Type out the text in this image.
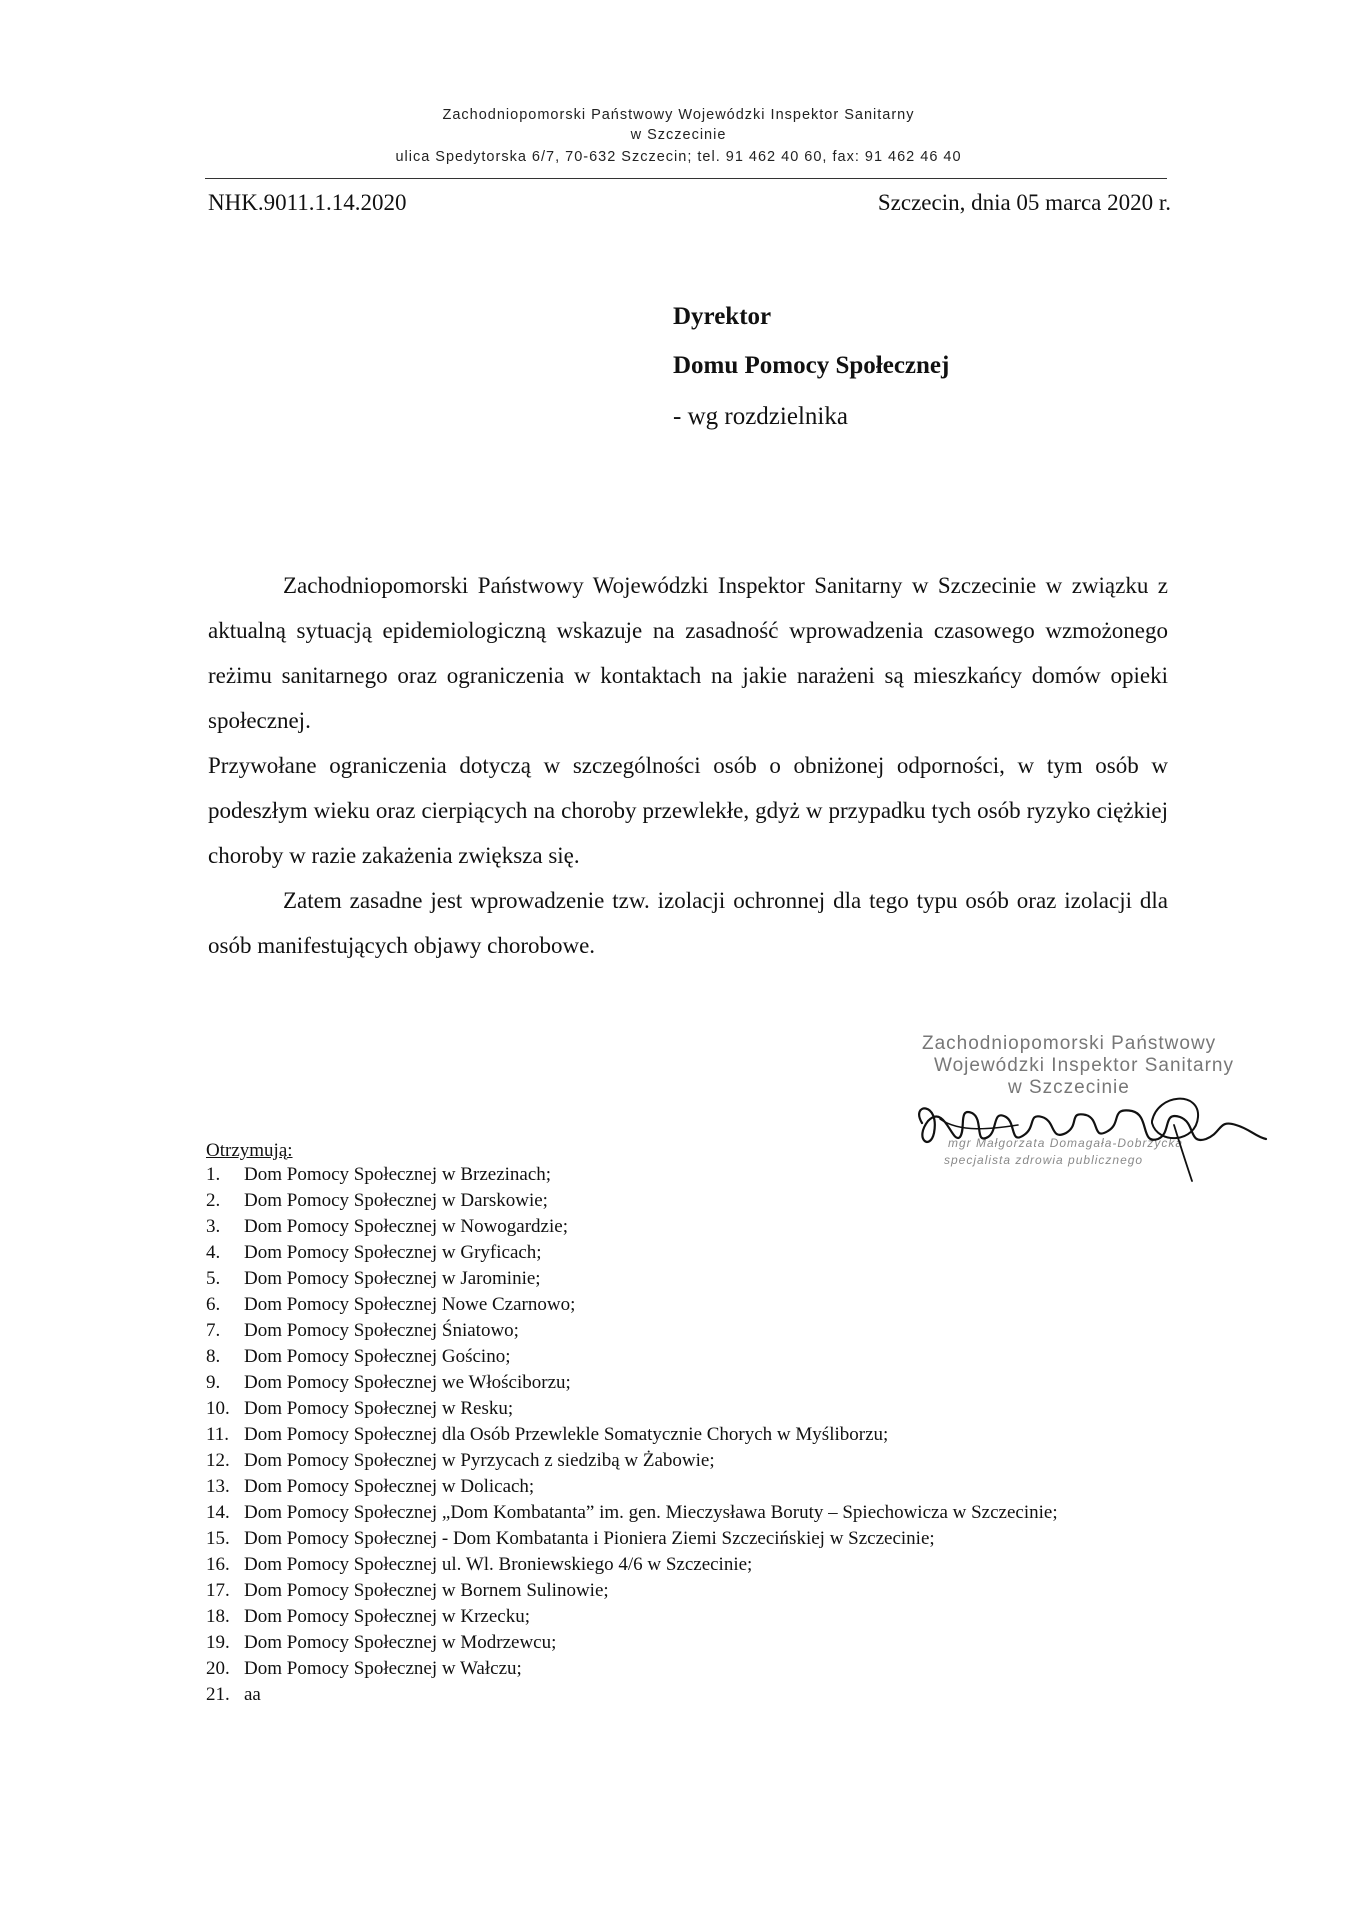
Zachodniopomorski Państwowy Wojewódzki Inspektor Sanitarny
w Szczecinie
ulica Spedytorska 6/7, 70-632 Szczecin; tel. 91 462 40 60, fax: 91 462 46 40
NHK.9011.1.14.2020	Szczecin, dnia 05 marca 2020 r.
Dyrektor
Domu Pomocy Społecznej
- wg rozdzielnika

Zachodniopomorski Państwowy Wojewódzki Inspektor Sanitarny w Szczecinie w związku z aktualną sytuacją epidemiologiczną wskazuje na zasadność wprowadzenia czasowego wzmożonego reżimu sanitarnego oraz ograniczenia w kontaktach na jakie narażeni są mieszkańcy domów opieki społecznej.

Przywołane ograniczenia dotyczą w szczególności osób o obniżonej odporności, w tym osób w podeszłym wieku oraz cierpiących na choroby przewlekłe, gdyż w przypadku tych osób ryzyko ciężkiej choroby w razie zakażenia zwiększa się.

Zatem zasadne jest wprowadzenie tzw. izolacji ochronnej dla tego typu osób oraz izolacji dla osób manifestujących objawy chorobowe.

Zachodniopomorski Państwowy
Wojewódzki Inspektor Sanitarny
w Szczecinie
mgr Małgorzata Domagała-Dobrzycka
specjalista zdrowia publicznego
Otrzymują:
1. Dom Pomocy Społecznej w Brzezinach;
2. Dom Pomocy Społecznej w Darskowie;
3. Dom Pomocy Społecznej w Nowogardzie;
4. Dom Pomocy Społecznej w Gryficach;
5. Dom Pomocy Społecznej w Jarominie;
6. Dom Pomocy Społecznej Nowe Czarnowo;
7. Dom Pomocy Społecznej Śniatowo;
8. Dom Pomocy Społecznej Gościno;
9. Dom Pomocy Społecznej we Włościborzu;
10. Dom Pomocy Społecznej w Resku;
11. Dom Pomocy Społecznej dla Osób Przewlekle Somatycznie Chorych w Myśliborzu;
12. Dom Pomocy Społecznej w Pyrzycach z siedzibą w Żabowie;
13. Dom Pomocy Społecznej w Dolicach;
14. Dom Pomocy Społecznej „Dom Kombatanta” im. gen. Mieczysława Boruty – Spiechowicza w Szczecinie;
15. Dom Pomocy Społecznej - Dom Kombatanta i Pioniera Ziemi Szczecińskiej w Szczecinie;
16. Dom Pomocy Społecznej ul. Wl. Broniewskiego 4/6 w Szczecinie;
17. Dom Pomocy Społecznej w Bornem Sulinowie;
18. Dom Pomocy Społecznej w Krzecku;
19. Dom Pomocy Społecznej w Modrzewcu;
20. Dom Pomocy Społecznej w Wałczu;
21. aa
